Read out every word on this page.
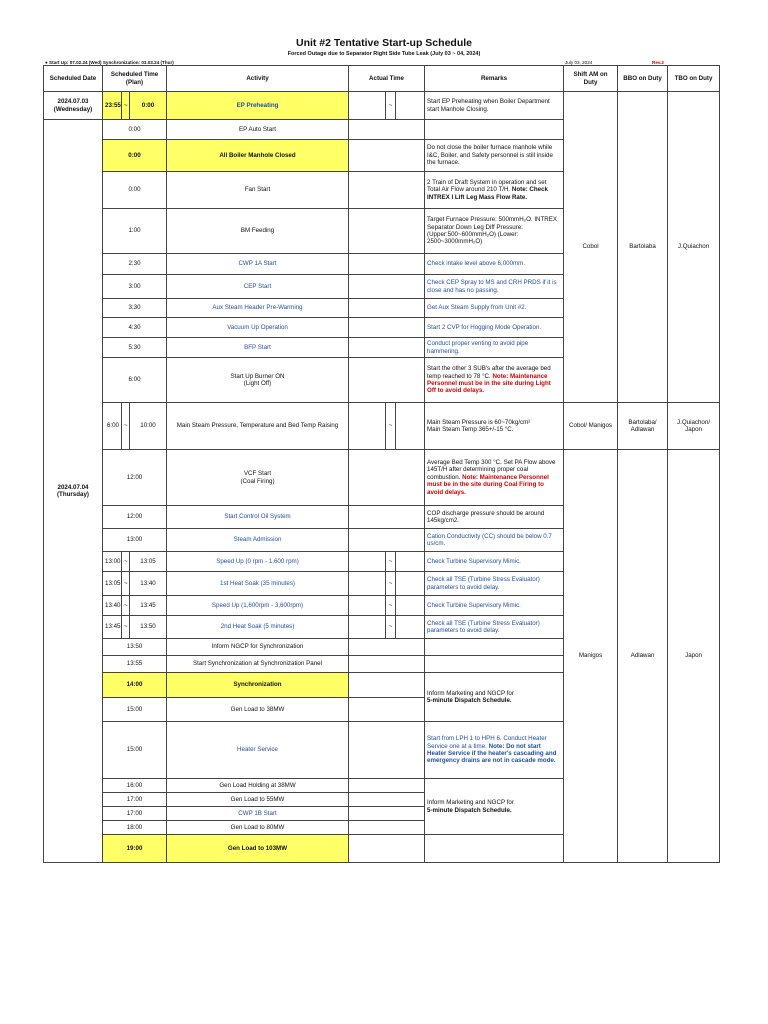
Unit #2 Tentative Start-up Schedule
Forced Outage due to Separator Right Side Tube Leak (July 03 ~ 04, 2024)
● Start Up: 07.02.24 (Wed) Synchronization: 03.03.24 (Thur)	July 03, 2024	Rev.2
Scheduled Date	Scheduled Time (Plan)			Activity	Actual Time			Remarks	Shift AM on Duty	BBO on Duty	TBO on Duty
2024.07.03
(Wednesday)	23:55	~	0:00	EP Preheating		~		Start EP Preheating when Boiler Department start Manhole Closing.	Cobol	Bartolaba	J.Quiachon
2024.07.04
(Thursday)	0:00			EP Auto Start							
	0:00			All Boiler Manhole Closed				Do not close the boiler furnace manhole while I&C, Boiler, and Safety personnel is still inside the furnace.			
	0:00			Fan Start				2 Train of Draft System in operation and set Total Air Flow around 210 T/H. Note: Check INTREX I Lift Leg Mass Flow Rate.			
	1:00			BM Feeding				Target Furnace Pressure: 500mmH₂O. INTREX Separator Down Leg Diff Pressure: (Upper:500~600mmH₂O) (Lower: 2500~3000mmH₂O)			
	2:30			CWP 1A Start				Check intake level above 6,000mm.			
	3:00			CEP Start				Check CEP Spray to MS and CRH PRDS if it is close and has no passing.			
	3:30			Aux Steam Header Pre-Warming				Get Aux Steam Supply from Unit #2.			
	4:30			Vacuum Up Operation				Start 2 CVP for Hogging Mode Operation.			
	5:30			BFP Start				Conduct proper venting to avoid pipe hammering.			
	6:00			Start Up Burner ON
(Light Off)				Start the other 3 SUB's after the average bed temp reached to 78 °C. Note: Maintenance Personnel must be in the site during Light Off to avoid delays.			
	6:00	~	10:00	Main Steam Pressure, Temperature and Bed Temp Raising		~		Main Steam Pressure is 60~70kg/cm²
Main Steam Temp 365+/-15 °C.	Cobol/ Manigos	Bartolaba/ Adlawan	J.Quiachon/ Japon
	12:00			VCF Start
(Coal Firing)				Average Bed Temp 300 °C. Set PA Flow above 145T/H after determining proper coal combustion. Note: Maintenance Personnel must be in the site during Coal Firing to avoid delays.	Manigos	Adlawan	Japon
	12:00			Start Control Oil System				COP discharge pressure should be around 145kg/cm2.			
	13:00			Steam Admission				Cation Conductivity (CC) should be below 0.7 us/cm.			
	13:00	~	13:05	Speed Up (0 rpm - 1,600 rpm)		~		Check Turbine Supervisory Mimic.			
	13:05	~	13:40	1st Heat Soak (35 minutes)		~		Check all TSE (Turbine Stress Evaluator) parameters to avoid delay.			
	13:40	~	13:45	Speed Up (1,600rpm - 3,600rpm)		~		Check Turbine Supervisory Mimic.			
	13:45	~	13:50	2nd Heat Soak (5 minutes)		~		Check all TSE (Turbine Stress Evaluator) parameters to avoid delay.			
	13:50			Inform NGCP for Synchronization							
	13:55			Start Synchronization at Synchronization Panel							
	14:00			Synchronization				Inform Marketing and NGCP for
5-minute Dispatch Schedule.			
	15:00			Gen Load to 38MW							
	15:00			Heater Service				Start from LPH 1 to HPH 6. Conduct Heater Service one at a time. Note: Do not start Heater Service if the heater's cascading and emergency drains are not in cascade mode.			
	16:00			Gen Load Holding at 38MW				Inform Marketing and NGCP for
5-minute Dispatch Schedule.			
	17:00			Gen Load to 55MW							
	17:00			CWP 1B Start							
	18:00			Gen Load to 80MW							
	19:00			Gen Load to 103MW							
